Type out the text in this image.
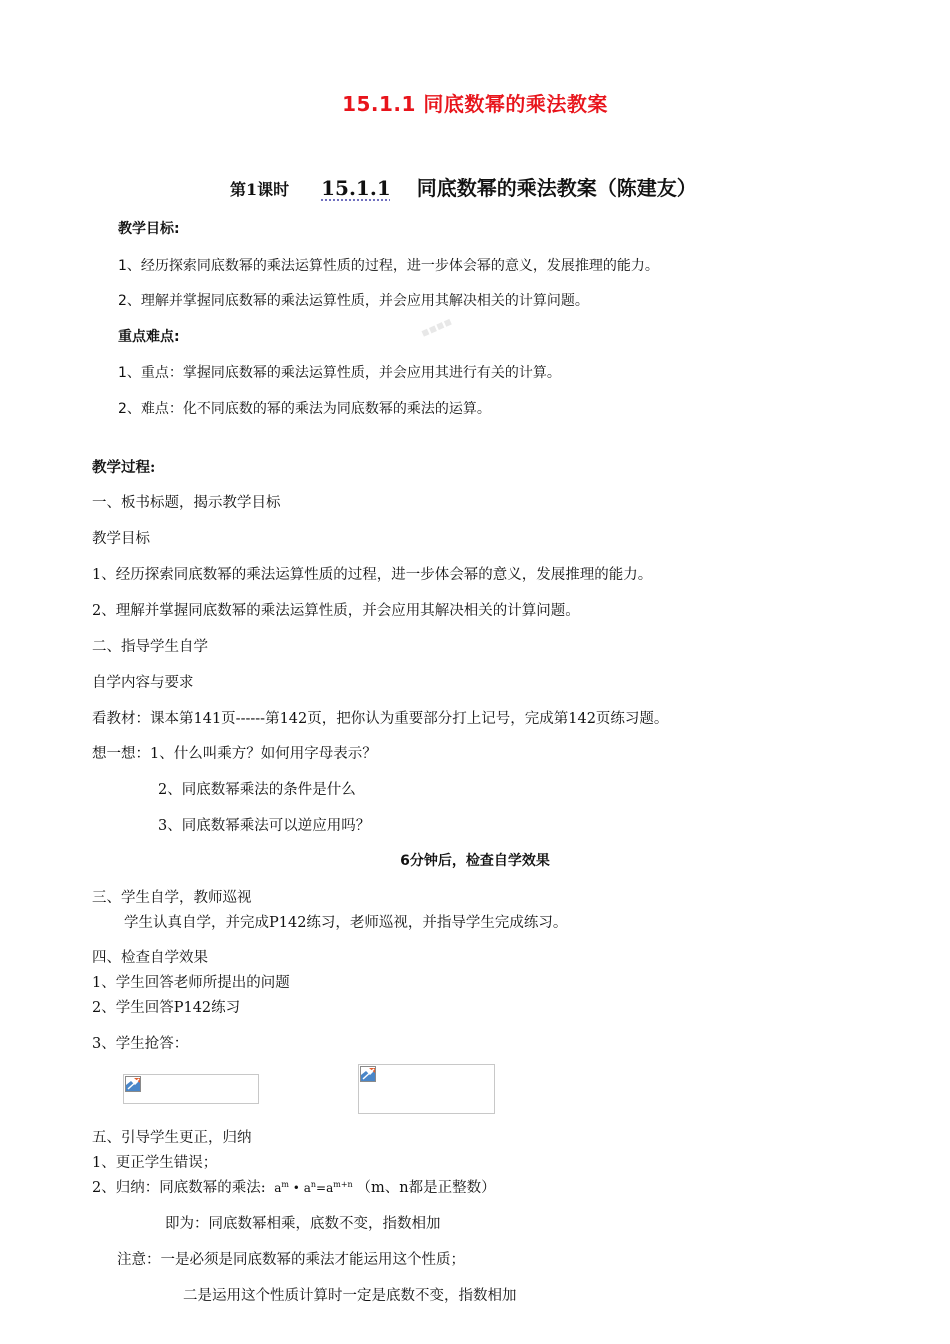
▪▪▪▪
15.1.1 同底数幂的乘法教案
第1课时 15.1.1 同底数幂的乘法教案（陈建友）
教学目标:
1、经历探索同底数幂的乘法运算性质的过程，进一步体会幂的意义，发展推理的能力。
2、理解并掌握同底数幂的乘法运算性质，并会应用其解决相关的计算问题。
重点难点:
1、重点：掌握同底数幂的乘法运算性质，并会应用其进行有关的计算。
2、难点：化不同底数的幂的乘法为同底数幂的乘法的运算。
教学过程:
一、板书标题，揭示教学目标
教学目标
1、经历探索同底数幂的乘法运算性质的过程，进一步体会幂的意义，发展推理的能力。
2、理解并掌握同底数幂的乘法运算性质，并会应用其解决相关的计算问题。
二、指导学生自学
自学内容与要求
看教材：课本第141页------第142页，把你认为重要部分打上记号，完成第142页练习题。
想一想：1、什么叫乘方？如何用字母表示？
2、同底数幂乘法的条件是什么
3、同底数幂乘法可以逆应用吗？
6分钟后，检查自学效果
三、学生自学，教师巡视
学生认真自学，并完成P142练习，老师巡视，并指导学生完成练习。
四、检查自学效果
1、学生回答老师所提出的问题
2、学生回答P142练习
3、学生抢答：
五、引导学生更正，归纳
1、更正学生错误；
2、归纳：同底数幂的乘法: $a^m$ • $a^n=a^{m+n}$ （m、n都是正整数）
即为：同底数幂相乘，底数不变，指数相加
注意：一是必须是同底数幂的乘法才能运用这个性质；
二是运用这个性质计算时一定是底数不变，指数相加
